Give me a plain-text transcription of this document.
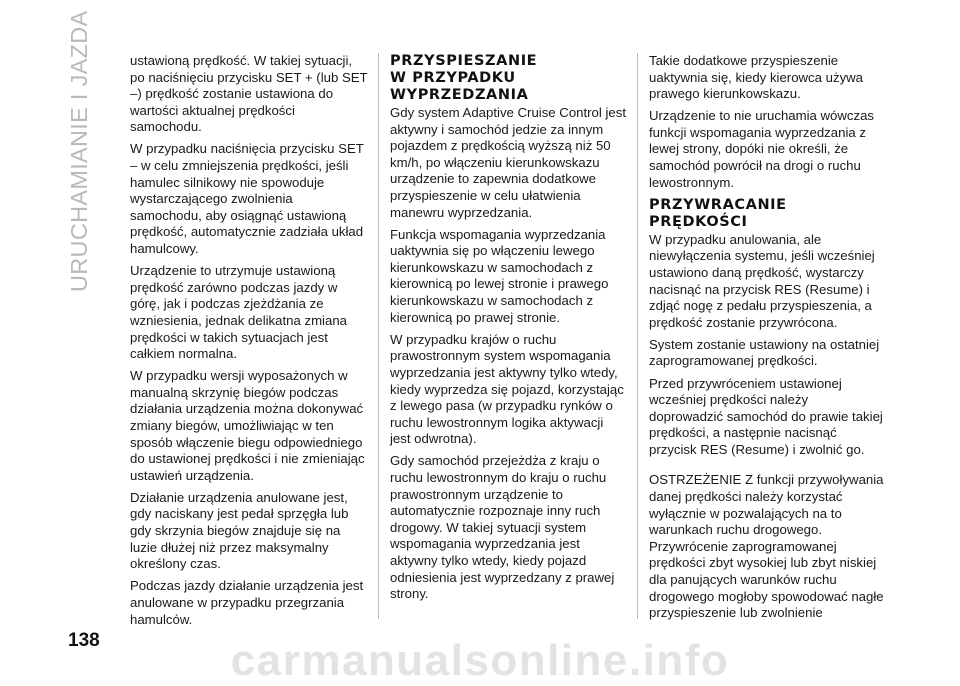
URUCHAMIANIE I JAZDA	ustawioną prędkość. W takiej sytuacji, po naciśnięciu przycisku SET + (lub SET –) prędkość zostanie ustawiona do wartości aktualnej prędkości samochodu.

W przypadku naciśnięcia przycisku SET – w celu zmniejszenia prędkości, jeśli hamulec silnikowy nie spowoduje wystarczającego zwolnienia samochodu, aby osiągnąć ustawioną prędkość, automatycznie zadziała układ hamulcowy.

Urządzenie to utrzymuje ustawioną prędkość zarówno podczas jazdy w górę, jak i podczas zjeżdżania ze wzniesienia, jednak delikatna zmiana prędkości w takich sytuacjach jest całkiem normalna.

W przypadku wersji wyposażonych w manualną skrzynię biegów podczas działania urządzenia można dokonywać zmiany biegów, umożliwiając w ten sposób włączenie biegu odpowiedniego do ustawionej prędkości i nie zmieniając ustawień urządzenia.

Działanie urządzenia anulowane jest, gdy naciskany jest pedał sprzęgła lub gdy skrzynia biegów znajduje się na luzie dłużej niż przez maksymalny określony czas.

Podczas jazdy działanie urządzenia jest anulowane w przypadku przegrzania hamulców.

PRZYSPIESZANIE
W PRZYPADKU
WYPRZEDZANIA

Gdy system Adaptive Cruise Control jest aktywny i samochód jedzie za innym pojazdem z prędkością wyższą niż 50 km/h, po włączeniu kierunkowskazu urządzenie to zapewnia dodatkowe przyspieszenie w celu ułatwienia manewru wyprzedzania.

Funkcja wspomagania wyprzedzania uaktywnia się po włączeniu lewego kierunkowskazu w samochodach z kierownicą po lewej stronie i prawego kierunkowskazu w samochodach z kierownicą po prawej stronie.

W przypadku krajów o ruchu prawostronnym system wspomagania wyprzedzania jest aktywny tylko wtedy, kiedy wyprzedza się pojazd, korzystając z lewego pasa (w przypadku rynków o ruchu lewostronnym logika aktywacji jest odwrotna).

Gdy samochód przejeżdża z kraju o ruchu lewostronnym do kraju o ruchu prawostronnym urządzenie to automatycznie rozpoznaje inny ruch drogowy. W takiej sytuacji system wspomagania wyprzedzania jest aktywny tylko wtedy, kiedy pojazd odniesienia jest wyprzedzany z prawej strony.

Takie dodatkowe przyspieszenie uaktywnia się, kiedy kierowca używa prawego kierunkowskazu.

Urządzenie to nie uruchamia wówczas funkcji wspomagania wyprzedzania z lewej strony, dopóki nie określi, że samochód powrócił na drogi o ruchu lewostronnym.

PRZYWRACANIE
PRĘDKOŚCI

W przypadku anulowania, ale niewyłączenia systemu, jeśli wcześniej ustawiono daną prędkość, wystarczy nacisnąć na przycisk RES (Resume) i zdjąć nogę z pedału przyspieszenia, a prędkość zostanie przywrócona.

System zostanie ustawiony na ostatniej zaprogramowanej prędkości.

Przed przywróceniem ustawionej wcześniej prędkości należy doprowadzić samochód do prawie takiej prędkości, a następnie nacisnąć przycisk RES (Resume) i zwolnić go.

OSTRZEŻENIE Z funkcji przywoływania danej prędkości należy korzystać wyłącznie w pozwalających na to warunkach ruchu drogowego. Przywrócenie zaprogramowanej prędkości zbyt wysokiej lub zbyt niskiej dla panujących warunków ruchu drogowego mogłoby spowodować nagłe przyspieszenie lub zwolnienie

138	carmanualsonline.info
